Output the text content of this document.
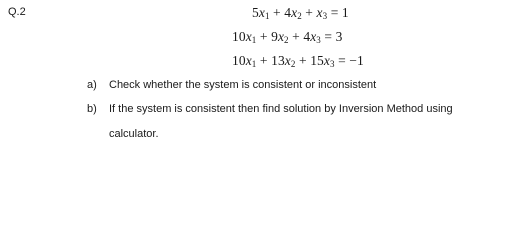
Q.2	$5x_1 + 4x_2 + x_3 = 1$
$10x_1 + 9x_2 + 4x_3 = 3$
$10x_1 + 13x_2 + 15x_3 = -1$
a) Check whether the system is consistent or inconsistent
b) If the system is consistent then find solution by Inversion Method using
calculator.
